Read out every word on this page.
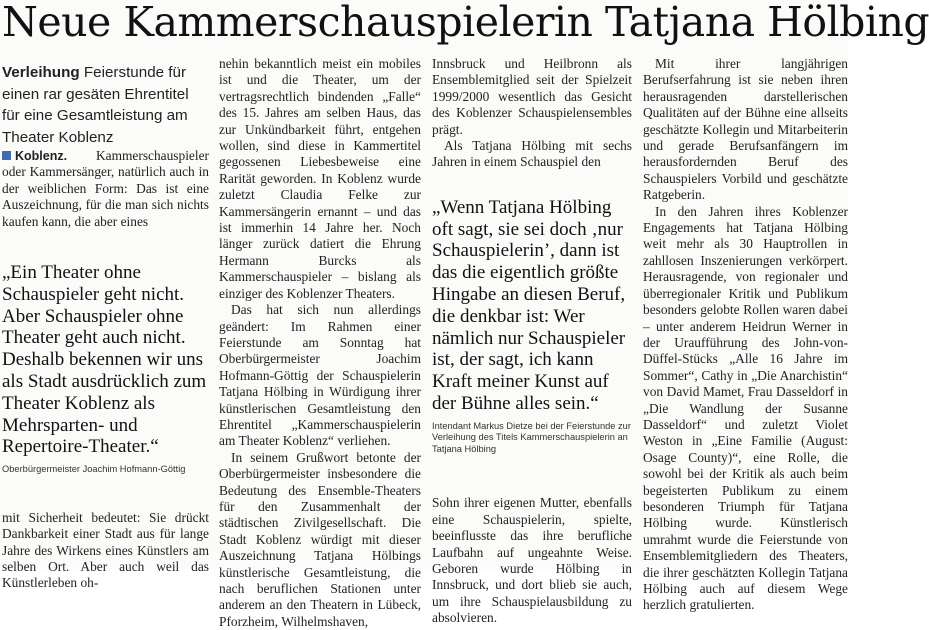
Neue Kammerschauspielerin Tatjana Hölbing

Verleihung Feierstunde für einen rar gesäten Ehrentitel für eine Gesamtleistung am Theater Koblenz

Koblenz. Kammerschauspieler oder Kammersänger, natürlich auch in der weiblichen Form: Das ist eine Auszeichnung, für die man sich nichts kaufen kann, die aber eines

„Ein Theater ohne Schauspieler geht nicht. Aber Schauspieler ohne Theater geht auch nicht. Deshalb bekennen wir uns als Stadt ausdrücklich zum Theater Koblenz als Mehrsparten- und Repertoire-Theater.“
Oberbürgermeister Joachim Hofmann-Göttig

mit Sicherheit bedeutet: Sie drückt Dankbarkeit einer Stadt aus für lange Jahre des Wirkens eines Künstlers am selben Ort. Aber auch weil das Künstlerleben oh-

nehin bekanntlich meist ein mobiles ist und die Theater, um der vertragsrechtlich bindenden „Falle“ des 15. Jahres am selben Haus, das zur Unkündbarkeit führt, entgehen wollen, sind diese in Kammertitel gegossenen Liebesbeweise eine Rarität geworden. In Koblenz wurde zuletzt Claudia Felke zur Kammersängerin ernannt – und das ist immerhin 14 Jahre her. Noch länger zurück datiert die Ehrung Hermann Burcks als Kammerschauspieler – bislang als einziger des Koblenzer Theaters.

Das hat sich nun allerdings geändert: Im Rahmen einer Feierstunde am Sonntag hat Oberbürgermeister Joachim Hofmann-Göttig der Schauspielerin Tatjana Hölbing in Würdigung ihrer künstlerischen Gesamtleistung den Ehrentitel „Kammerschauspielerin am Theater Koblenz“ verliehen.

In seinem Grußwort betonte der Oberbürgermeister insbesondere die Bedeutung des Ensemble-Theaters für den Zusammenhalt der städtischen Zivilgesellschaft. Die Stadt Koblenz würdigt mit dieser Auszeichnung Tatjana Hölbings künstlerische Gesamtleistung, die nach beruflichen Stationen unter anderem an den Theatern in Lübeck, Pforzheim, Wilhelmshaven,

Innsbruck und Heilbronn als Ensemblemitglied seit der Spielzeit 1999/2000 wesentlich das Gesicht des Koblenzer Schauspielensembles prägt.

Als Tatjana Hölbing mit sechs Jahren in einem Schauspiel den

„Wenn Tatjana Hölbing oft sagt, sie sei doch ‚nur Schauspielerin’, dann ist das die eigentlich größte Hingabe an diesen Beruf, die denkbar ist: Wer nämlich nur Schauspieler ist, der sagt, ich kann Kraft meiner Kunst auf der Bühne alles sein.“
Intendant Markus Dietze bei der Feierstunde zur Verleihung des Titels Kammerschauspielerin an Tatjana Hölbing

Sohn ihrer eigenen Mutter, ebenfalls eine Schauspielerin, spielte, beeinflusste das ihre berufliche Laufbahn auf ungeahnte Weise. Geboren wurde Hölbing in Innsbruck, und dort blieb sie auch, um ihre Schauspielausbildung zu absolvieren.

Mit ihrer langjährigen Berufserfahrung ist sie neben ihren herausragenden darstellerischen Qualitäten auf der Bühne eine allseits geschätzte Kollegin und Mitarbeiterin und gerade Berufsanfängern im herausfordernden Beruf des Schauspielers Vorbild und geschätzte Ratgeberin.

In den Jahren ihres Koblenzer Engagements hat Tatjana Hölbing weit mehr als 30 Hauptrollen in zahllosen Inszenierungen verkörpert. Herausragende, von regionaler und überregionaler Kritik und Publikum besonders gelobte Rollen waren dabei – unter anderem Heidrun Werner in der Uraufführung des John-von-Düffel-Stücks „Alle 16 Jahre im Sommer“, Cathy in „Die Anarchistin“ von David Mamet, Frau Dasseldorf in „Die Wandlung der Susanne Dasseldorf“ und zuletzt Violet Weston in „Eine Familie (August: Osage County)“, eine Rolle, die sowohl bei der Kritik als auch beim begeisterten Publikum zu einem besonderen Triumph für Tatjana Hölbing wurde. Künstlerisch umrahmt wurde die Feierstunde von Ensemblemitgliedern des Theaters, die ihrer geschätzten Kollegin Tatjana Hölbing auch auf diesem Wege herzlich gratulierten.
